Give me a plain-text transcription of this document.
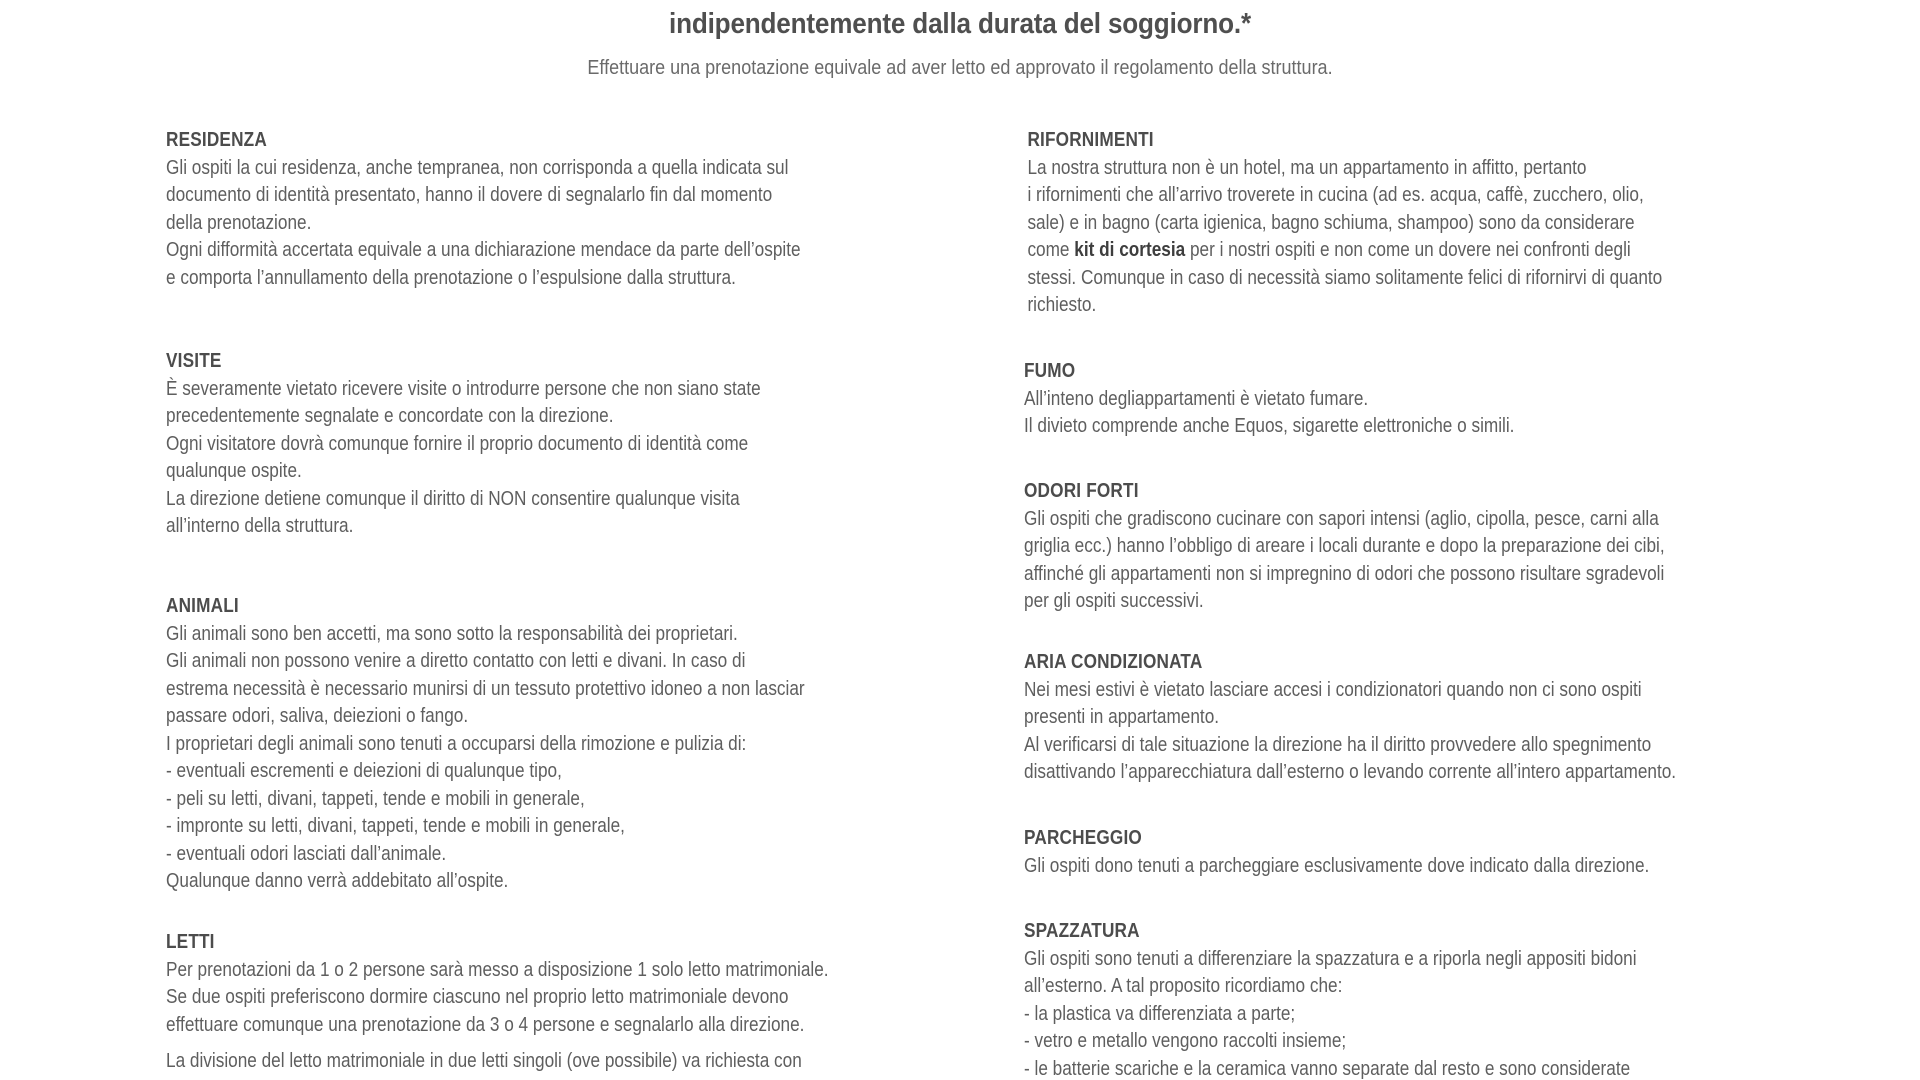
indipendentemente dalla durata del soggiorno.*

Effettuare una prenotazione equivale ad aver letto ed approvato il regolamento della struttura.

RESIDENZA

Gli ospiti la cui residenza, anche tempranea, non corrisponda a quella indicata sul
documento di identità presentato, hanno il dovere di segnalarlo fin dal momento
della prenotazione.
Ogni difformità accertata equivale a una dichiarazione mendace da parte dell’ospite
e comporta l’annullamento della prenotazione o l’espulsione dalla struttura.

VISITE

È severamente vietato ricevere visite o introdurre persone che non siano state
precedentemente segnalate e concordate con la direzione.
Ogni visitatore dovrà comunque fornire il proprio documento di identità come
qualunque ospite.
La direzione detiene comunque il diritto di NON consentire qualunque visita
all’interno della struttura.

ANIMALI

Gli animali sono ben accetti, ma sono sotto la responsabilità dei proprietari.
Gli animali non possono venire a diretto contatto con letti e divani. In caso di
estrema necessità è necessario munirsi di un tessuto protettivo idoneo a non lasciar
passare odori, saliva, deiezioni o fango.
I proprietari degli animali sono tenuti a occuparsi della rimozione e pulizia di:
- eventuali escrementi e deiezioni di qualunque tipo,
- peli su letti, divani, tappeti, tende e mobili in generale,
- impronte su letti, divani, tappeti, tende e mobili in generale,
- eventuali odori lasciati dall’animale.
Qualunque danno verrà addebitato all’ospite.

LETTI

Per prenotazioni da 1 o 2 persone sarà messo a disposizione 1 solo letto matrimoniale.
Se due ospiti preferiscono dormire ciascuno nel proprio letto matrimoniale devono
effettuare comunque una prenotazione da 3 o 4 persone e segnalarlo alla direzione.

La divisione del letto matrimoniale in due letti singoli (ove possibile) va richiesta con

RIFORNIMENTI

La nostra struttura non è un hotel, ma un appartamento in affitto, pertanto
i rifornimenti che all’arrivo troverete in cucina (ad es. acqua, caffè, zucchero, olio,
sale) e in bagno (carta igienica, bagno schiuma, shampoo) sono da considerare
come kit di cortesia per i nostri ospiti e non come un dovere nei confronti degli
stessi. Comunque in caso di necessità siamo solitamente felici di rifornirvi di quanto
richiesto.

FUMO

All’inteno degliappartamenti è vietato fumare.
Il divieto comprende anche Equos, sigarette elettroniche o simili.

ODORI FORTI

Gli ospiti che gradiscono cucinare con sapori intensi (aglio, cipolla, pesce, carni alla
griglia ecc.) hanno l’obbligo di areare i locali durante e dopo la preparazione dei cibi,
affinché gli appartamenti non si impregnino di odori che possono risultare sgradevoli
per gli ospiti successivi.

ARIA CONDIZIONATA

Nei mesi estivi è vietato lasciare accesi i condizionatori quando non ci sono ospiti
presenti in appartamento.
Al verificarsi di tale situazione la direzione ha il diritto provvedere allo spegnimento
disattivando l’apparecchiatura dall’esterno o levando corrente all’intero appartamento.

PARCHEGGIO

Gli ospiti dono tenuti a parcheggiare esclusivamente dove indicato dalla direzione.

SPAZZATURA

Gli ospiti sono tenuti a differenziare la spazzatura e a riporla negli appositi bidoni
all’esterno. A tal proposito ricordiamo che:
- la plastica va differenziata a parte;
- vetro e metallo vengono raccolti insieme;
- le batterie scariche e la ceramica vanno separate dal resto e sono considerate
